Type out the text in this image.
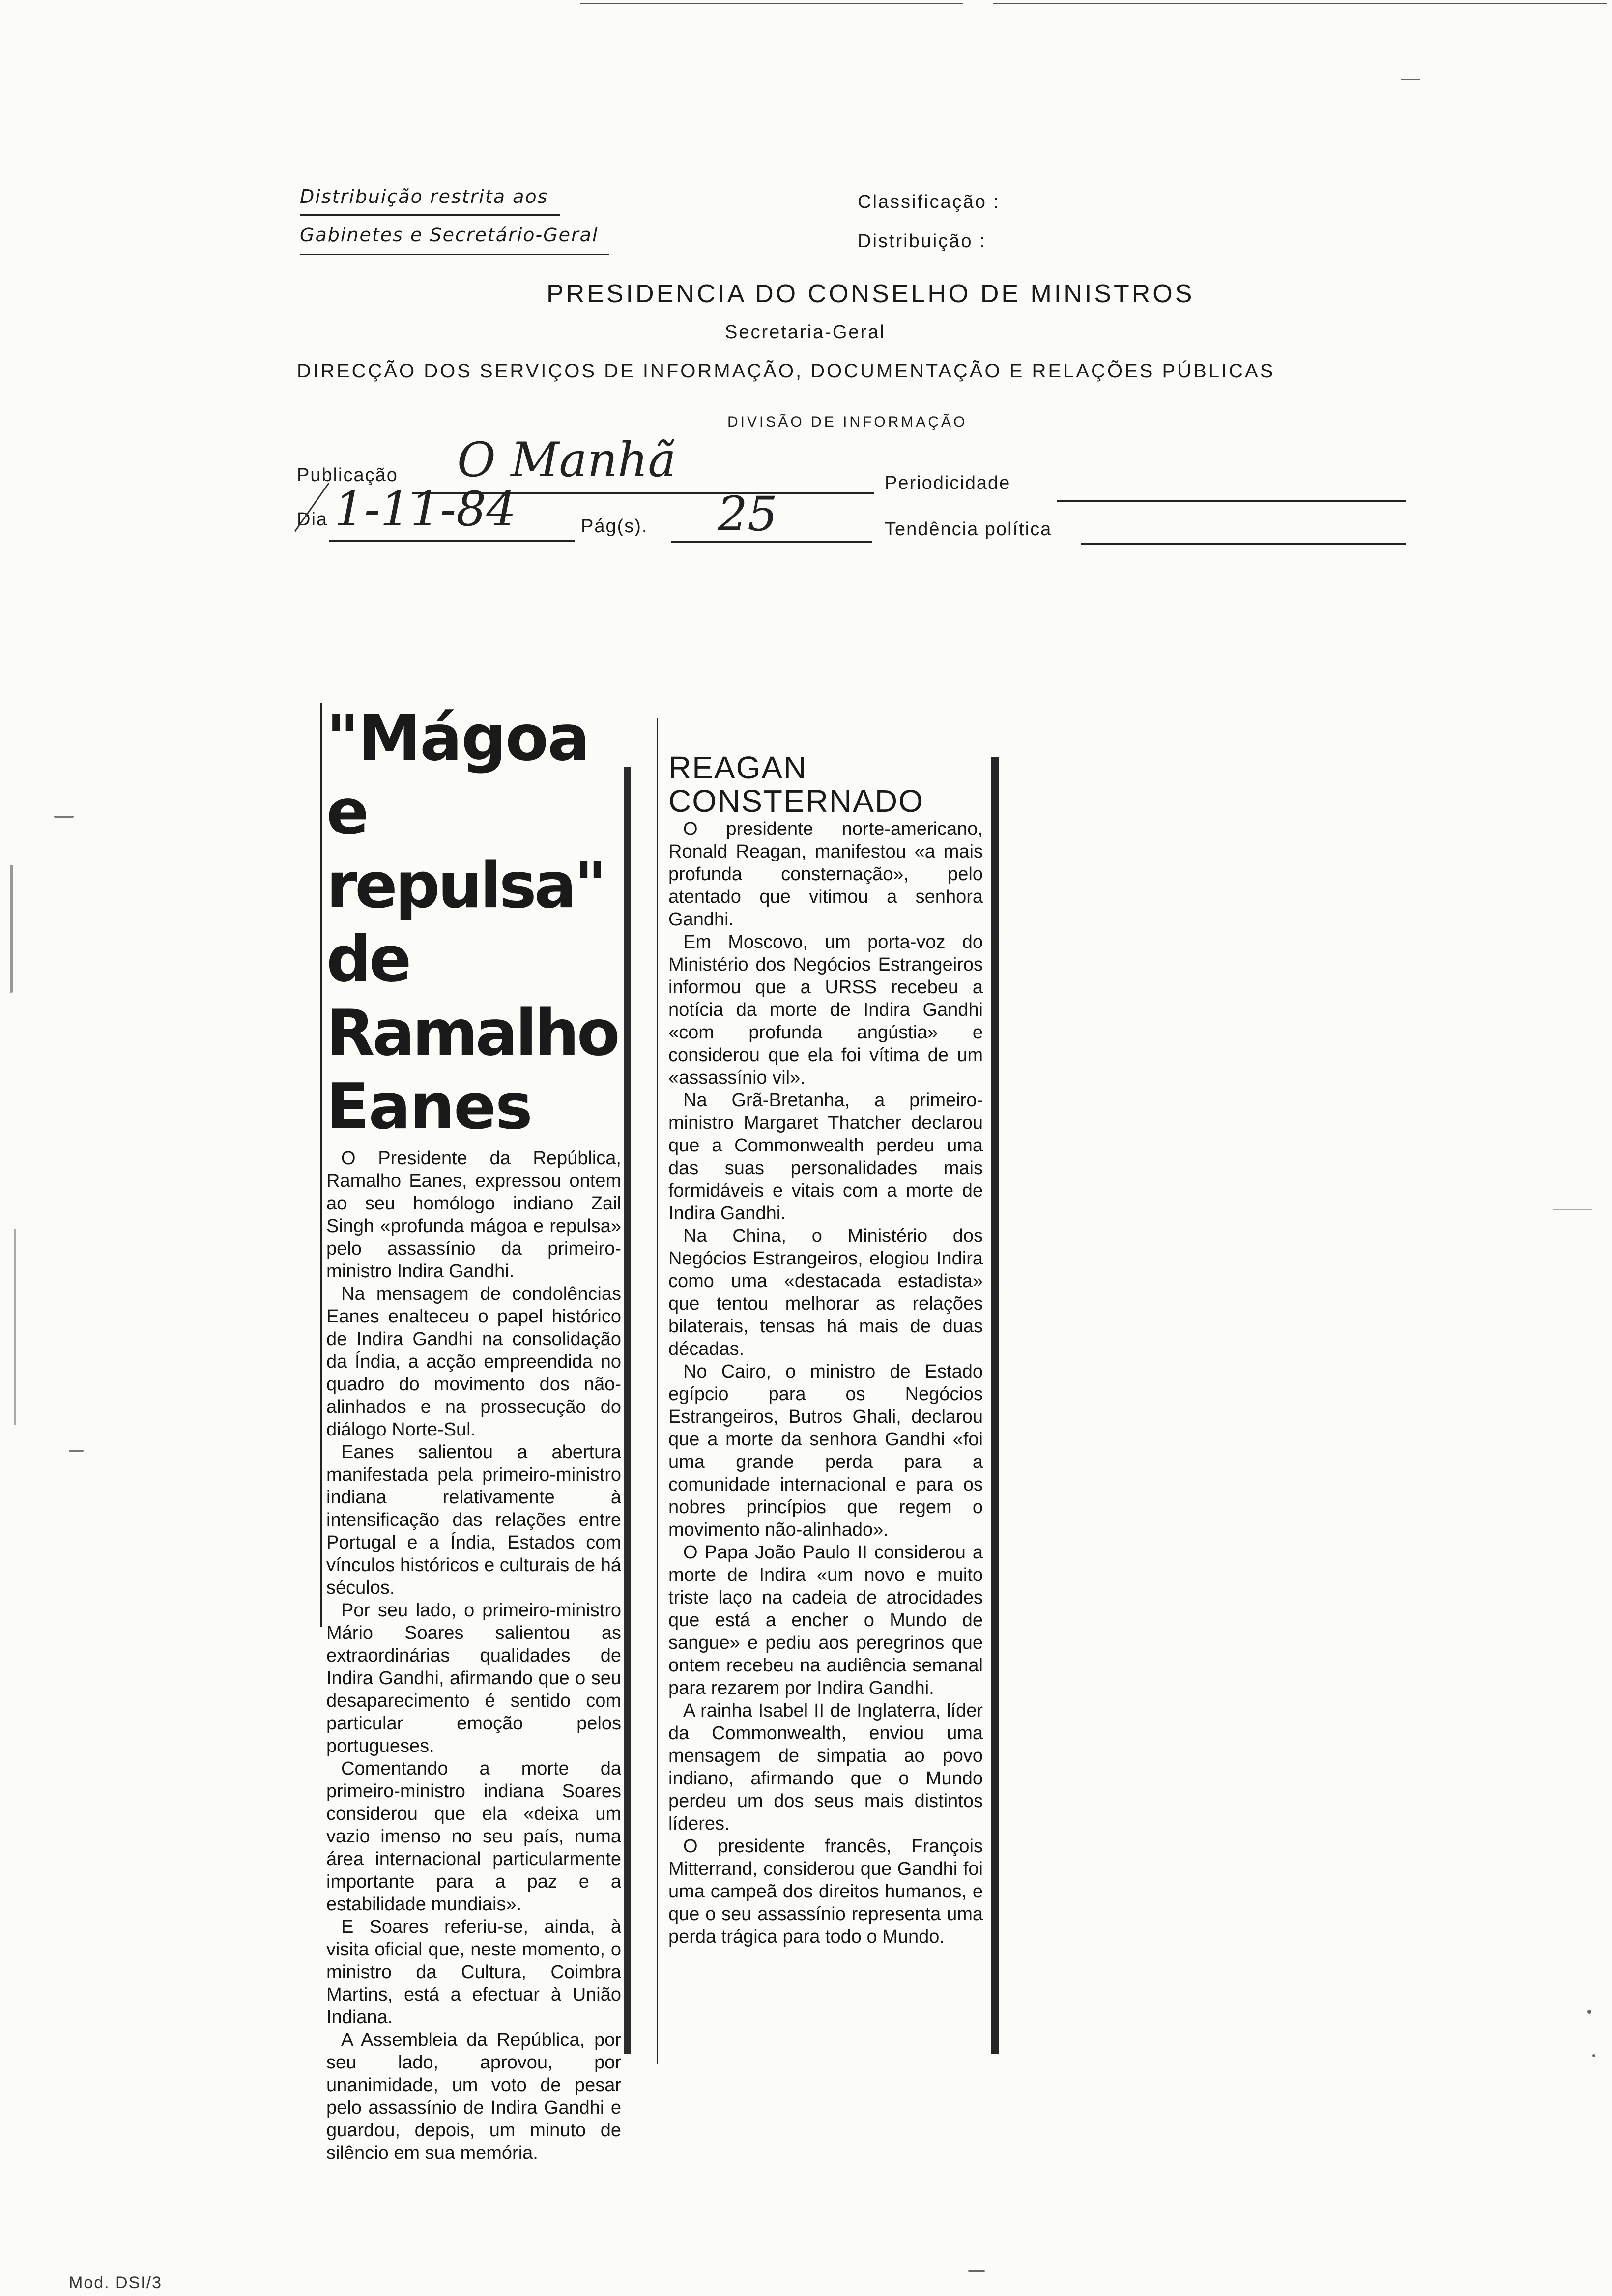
Distribuição restrita aos
Gabinetes e Secretário-Geral
Classificação :
Distribuição :
PRESIDENCIA DO CONSELHO DE MINISTROS
Secretaria-Geral
DIRECÇÃO DOS SERVIÇOS DE INFORMAÇÃO, DOCUMENTAÇÃO E RELAÇÕES PÚBLICAS
DIVISÃO DE INFORMAÇÃO
Publicação O Manhã	Periodicidade
Dia 1-11-84	Pág(s). 25	Tendência política
"Mágoa
e repulsa"
de Ramalho
Eanes

O Presidente da República, Ramalho Eanes, expressou ontem ao seu homólogo indiano Zail Singh «profunda mágoa e repulsa» pelo assassínio da primeiro-ministro Indira Gandhi.

Na mensagem de condolências Eanes enalteceu o papel histórico de Indira Gandhi na consolidação da Índia, a acção empreendida no quadro do movimento dos não-alinhados e na prossecução do diálogo Norte-Sul.

Eanes salientou a abertura manifestada pela primeiro-ministro indiana relativamente à intensificação das relações entre Portugal e a Índia, Estados com vínculos históricos e culturais de há séculos.

Por seu lado, o primeiro-ministro Mário Soares salientou as extraordinárias qualidades de Indira Gandhi, afirmando que o seu desaparecimento é sentido com particular emoção pelos portugueses.

Comentando a morte da primeiro-ministro indiana Soares considerou que ela «deixa um vazio imenso no seu país, numa área internacional particularmente importante para a paz e a estabilidade mundiais».

E Soares referiu-se, ainda, à visita oficial que, neste momento, o ministro da Cultura, Coimbra Martins, está a efectuar à União Indiana.

A Assembleia da República, por seu lado, aprovou, por unanimidade, um voto de pesar pelo assassínio de Indira Gandhi e guardou, depois, um minuto de silêncio em sua memória.

REAGAN
CONSTERNADO

O presidente norte-americano, Ronald Reagan, manifestou «a mais profunda consternação», pelo atentado que vitimou a senhora Gandhi.

Em Moscovo, um porta-voz do Ministério dos Negócios Estrangeiros informou que a URSS recebeu a notícia da morte de Indira Gandhi «com profunda angústia» e considerou que ela foi vítima de um «assassínio vil».

Na Grã-Bretanha, a primeiro-ministro Margaret Thatcher declarou que a Commonwealth perdeu uma das suas personalidades mais formidáveis e vitais com a morte de Indira Gandhi.

Na China, o Ministério dos Negócios Estrangeiros, elogiou Indira como uma «destacada estadista» que tentou melhorar as relações bilaterais, tensas há mais de duas décadas.

No Cairo, o ministro de Estado egípcio para os Negócios Estrangeiros, Butros Ghali, declarou que a morte da senhora Gandhi «foi uma grande perda para a comunidade internacional e para os nobres princípios que regem o movimento não-alinhado».

O Papa João Paulo II considerou a morte de Indira «um novo e muito triste laço na cadeia de atrocidades que está a encher o Mundo de sangue» e pediu aos peregrinos que ontem recebeu na audiência semanal para rezarem por Indira Gandhi.

A rainha Isabel II de Inglaterra, líder da Commonwealth, enviou uma mensagem de simpatia ao povo indiano, afirmando que o Mundo perdeu um dos seus mais distintos líderes.

O presidente francês, François Mitterrand, considerou que Gandhi foi uma campeã dos direitos humanos, e que o seu assassínio representa uma perda trágica para todo o Mundo.

Mod. DSI/3
